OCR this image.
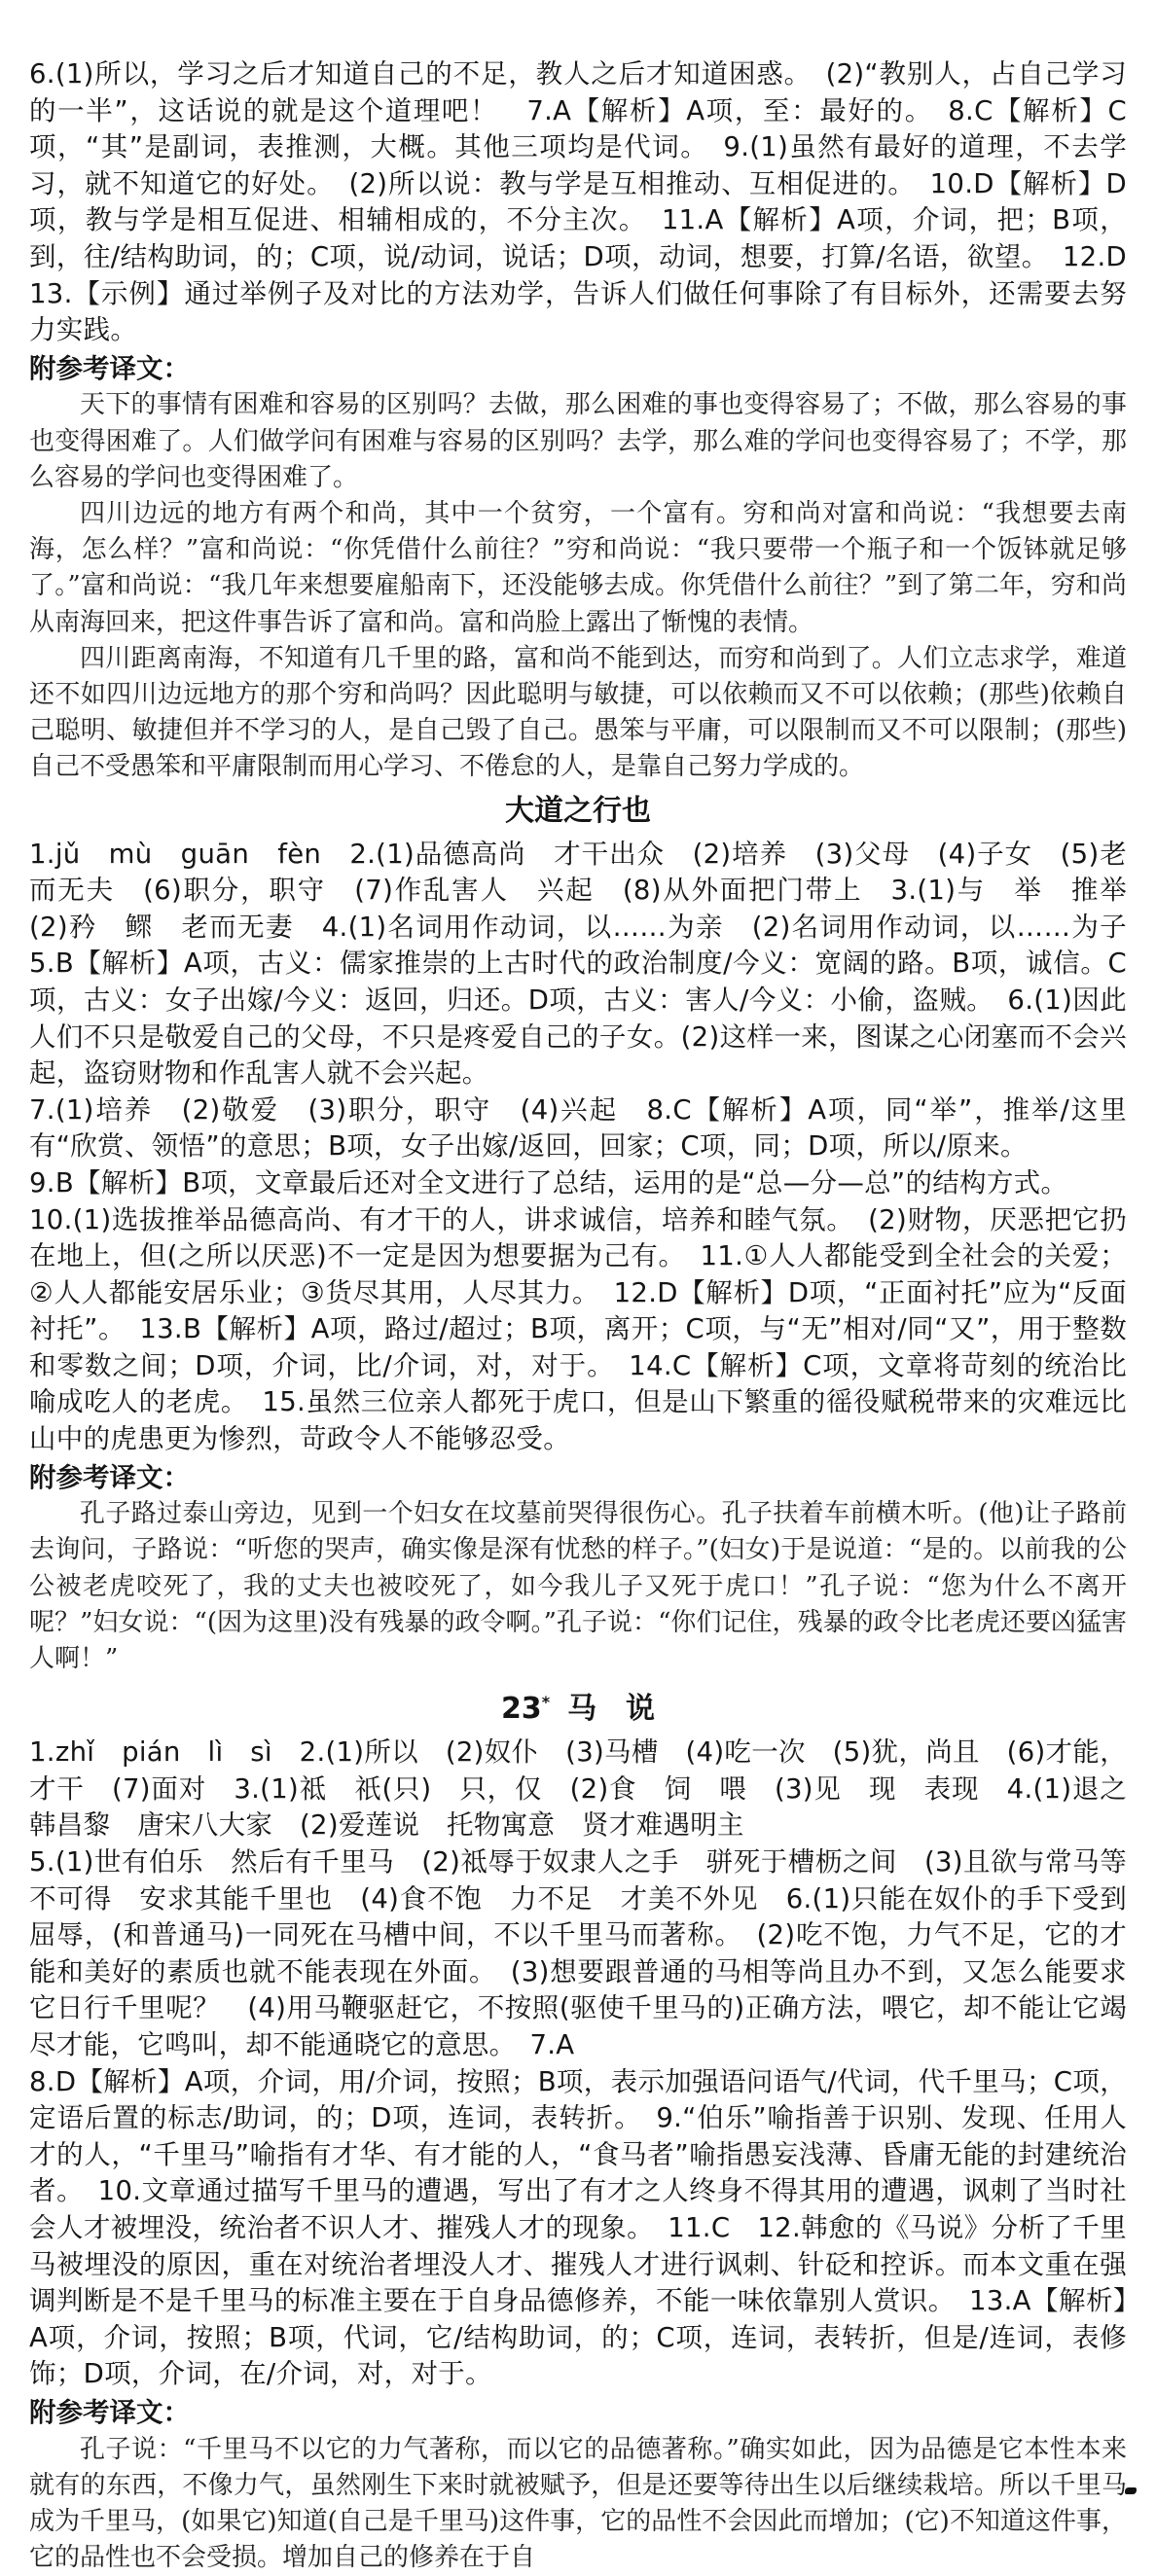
6.(1)所以，学习之后才知道自己的不足，教人之后才知道困惑。　(2)“教别人，占自己学习的一半”，这话说的就是这个道理吧！　7.A【解析】A项，至：最好的。　8.C【解析】C项，“其”是副词，表推测，大概。其他三项均是代词。　9.(1)虽然有最好的道理，不去学习，就不知道它的好处。　(2)所以说：教与学是互相推动、互相促进的。　10.D【解析】D项，教与学是相互促进、相辅相成的，不分主次。　11.A【解析】A项，介词，把；B项，到，往/结构助词，的；C项，说/动词，说话；D项，动词，想要，打算/名语，欲望。　12.D　13.【示例】通过举例子及对比的方法劝学，告诉人们做任何事除了有目标外，还需要去努力实践。

附参考译文：

天下的事情有困难和容易的区别吗？去做，那么困难的事也变得容易了；不做，那么容易的事也变得困难了。人们做学问有困难与容易的区别吗？去学，那么难的学问也变得容易了；不学，那么容易的学问也变得困难了。

四川边远的地方有两个和尚，其中一个贫穷，一个富有。穷和尚对富和尚说：“我想要去南海，怎么样？”富和尚说：“你凭借什么前往？”穷和尚说：“我只要带一个瓶子和一个饭钵就足够了。”富和尚说：“我几年来想要雇船南下，还没能够去成。你凭借什么前往？”到了第二年，穷和尚从南海回来，把这件事告诉了富和尚。富和尚脸上露出了惭愧的表情。

四川距离南海，不知道有几千里的路，富和尚不能到达，而穷和尚到了。人们立志求学，难道还不如四川边远地方的那个穷和尚吗？因此聪明与敏捷，可以依赖而又不可以依赖；(那些)依赖自己聪明、敏捷但并不学习的人，是自己毁了自己。愚笨与平庸，可以限制而又不可以限制；(那些)自己不受愚笨和平庸限制而用心学习、不倦怠的人，是靠自己努力学成的。

大道之行也

1.jǔ　mù　guān　fèn　2.(1)品德高尚　才干出众　(2)培养　(3)父母　(4)子女　(5)老而无夫　(6)职分，职守　(7)作乱害人　兴起　(8)从外面把门带上　3.(1)与　举　推举　(2)矜　鳏　老而无妻　4.(1)名词用作动词，以……为亲　(2)名词用作动词，以……为子　5.B【解析】A项，古义：儒家推崇的上古时代的政治制度/今义：宽阔的路。B项，诚信。C项，古义：女子出嫁/今义：返回，归还。D项，古义：害人/今义：小偷，盗贼。　6.(1)因此人们不只是敬爱自己的父母，不只是疼爱自己的子女。(2)这样一来，图谋之心闭塞而不会兴起，盗窃财物和作乱害人就不会兴起。

7.(1)培养　(2)敬爱　(3)职分，职守　(4)兴起　8.C【解析】A项，同“举”，推举/这里有“欣赏、领悟”的意思；B项，女子出嫁/返回，回家；C项，同；D项，所以/原来。

9.B【解析】B项，文章最后还对全文进行了总结，运用的是“总—分—总”的结构方式。

10.(1)选拔推举品德高尚、有才干的人，讲求诚信，培养和睦气氛。　(2)财物，厌恶把它扔在地上，但(之所以厌恶)不一定是因为想要据为己有。　11.①人人都能受到全社会的关爱；②人人都能安居乐业；③货尽其用，人尽其力。　12.D【解析】D项，“正面衬托”应为“反面衬托”。　13.B【解析】A项，路过/超过；B项，离开；C项，与“无”相对/同“又”，用于整数和零数之间；D项，介词，比/介词，对，对于。　14.C【解析】C项，文章将苛刻的统治比喻成吃人的老虎。　15.虽然三位亲人都死于虎口，但是山下繁重的徭役赋税带来的灾难远比山中的虎患更为惨烈，苛政令人不能够忍受。

附参考译文：

孔子路过泰山旁边，见到一个妇女在坟墓前哭得很伤心。孔子扶着车前横木听。(他)让子路前去询问，子路说：“听您的哭声，确实像是深有忧愁的样子。”(妇女)于是说道：“是的。以前我的公公被老虎咬死了，我的丈夫也被咬死了，如今我儿子又死于虎口！”孔子说：“您为什么不离开呢？”妇女说：“(因为这里)没有残暴的政令啊。”孔子说：“你们记住，残暴的政令比老虎还要凶猛害人啊！”

23* 马　说

1.zhǐ　pián　lì　sì　2.(1)所以　(2)奴仆　(3)马槽　(4)吃一次　(5)犹，尚且　(6)才能，才干　(7)面对　3.(1)祗　祇(只)　只，仅　(2)食　饲　喂　(3)见　现　表现　4.(1)退之　韩昌黎　唐宋八大家　(2)爱莲说　托物寓意　贤才难遇明主

5.(1)世有伯乐　然后有千里马　(2)祗辱于奴隶人之手　骈死于槽枥之间　(3)且欲与常马等不可得　安求其能千里也　(4)食不饱　力不足　才美不外见　6.(1)只能在奴仆的手下受到屈辱，(和普通马)一同死在马槽中间，不以千里马而著称。　(2)吃不饱，力气不足，它的才能和美好的素质也就不能表现在外面。　(3)想要跟普通的马相等尚且办不到，又怎么能要求它日行千里呢？　(4)用马鞭驱赶它，不按照(驱使千里马的)正确方法，喂它，却不能让它竭尽才能，它鸣叫，却不能通晓它的意思。　7.A

8.D【解析】A项，介词，用/介词，按照；B项，表示加强语问语气/代词，代千里马；C项，定语后置的标志/助词，的；D项，连词，表转折。　9.“伯乐”喻指善于识别、发现、任用人才的人，“千里马”喻指有才华、有才能的人，“食马者”喻指愚妄浅薄、昏庸无能的封建统治者。　10.文章通过描写千里马的遭遇，写出了有才之人终身不得其用的遭遇，讽刺了当时社会人才被埋没，统治者不识人才、摧残人才的现象。　11.C　12.韩愈的《马说》分析了千里马被埋没的原因，重在对统治者埋没人才、摧残人才进行讽刺、针砭和控诉。而本文重在强调判断是不是千里马的标准主要在于自身品德修养，不能一味依靠别人赏识。　13.A【解析】A项，介词，按照；B项，代词，它/结构助词，的；C项，连词，表转折，但是/连词，表修饰；D项，介词，在/介词，对，对于。

附参考译文：

孔子说：“千里马不以它的力气著称，而以它的品德著称。”确实如此，因为品德是它本性本来就有的东西，不像力气，虽然刚生下来时就被赋予，但是还要等待出生以后继续栽培。所以千里马成为千里马，(如果它)知道(自己是千里马)这件事，它的品性不会因此而增加；(它)不知道这件事，它的品性也不会受损。增加自己的修养在于自
